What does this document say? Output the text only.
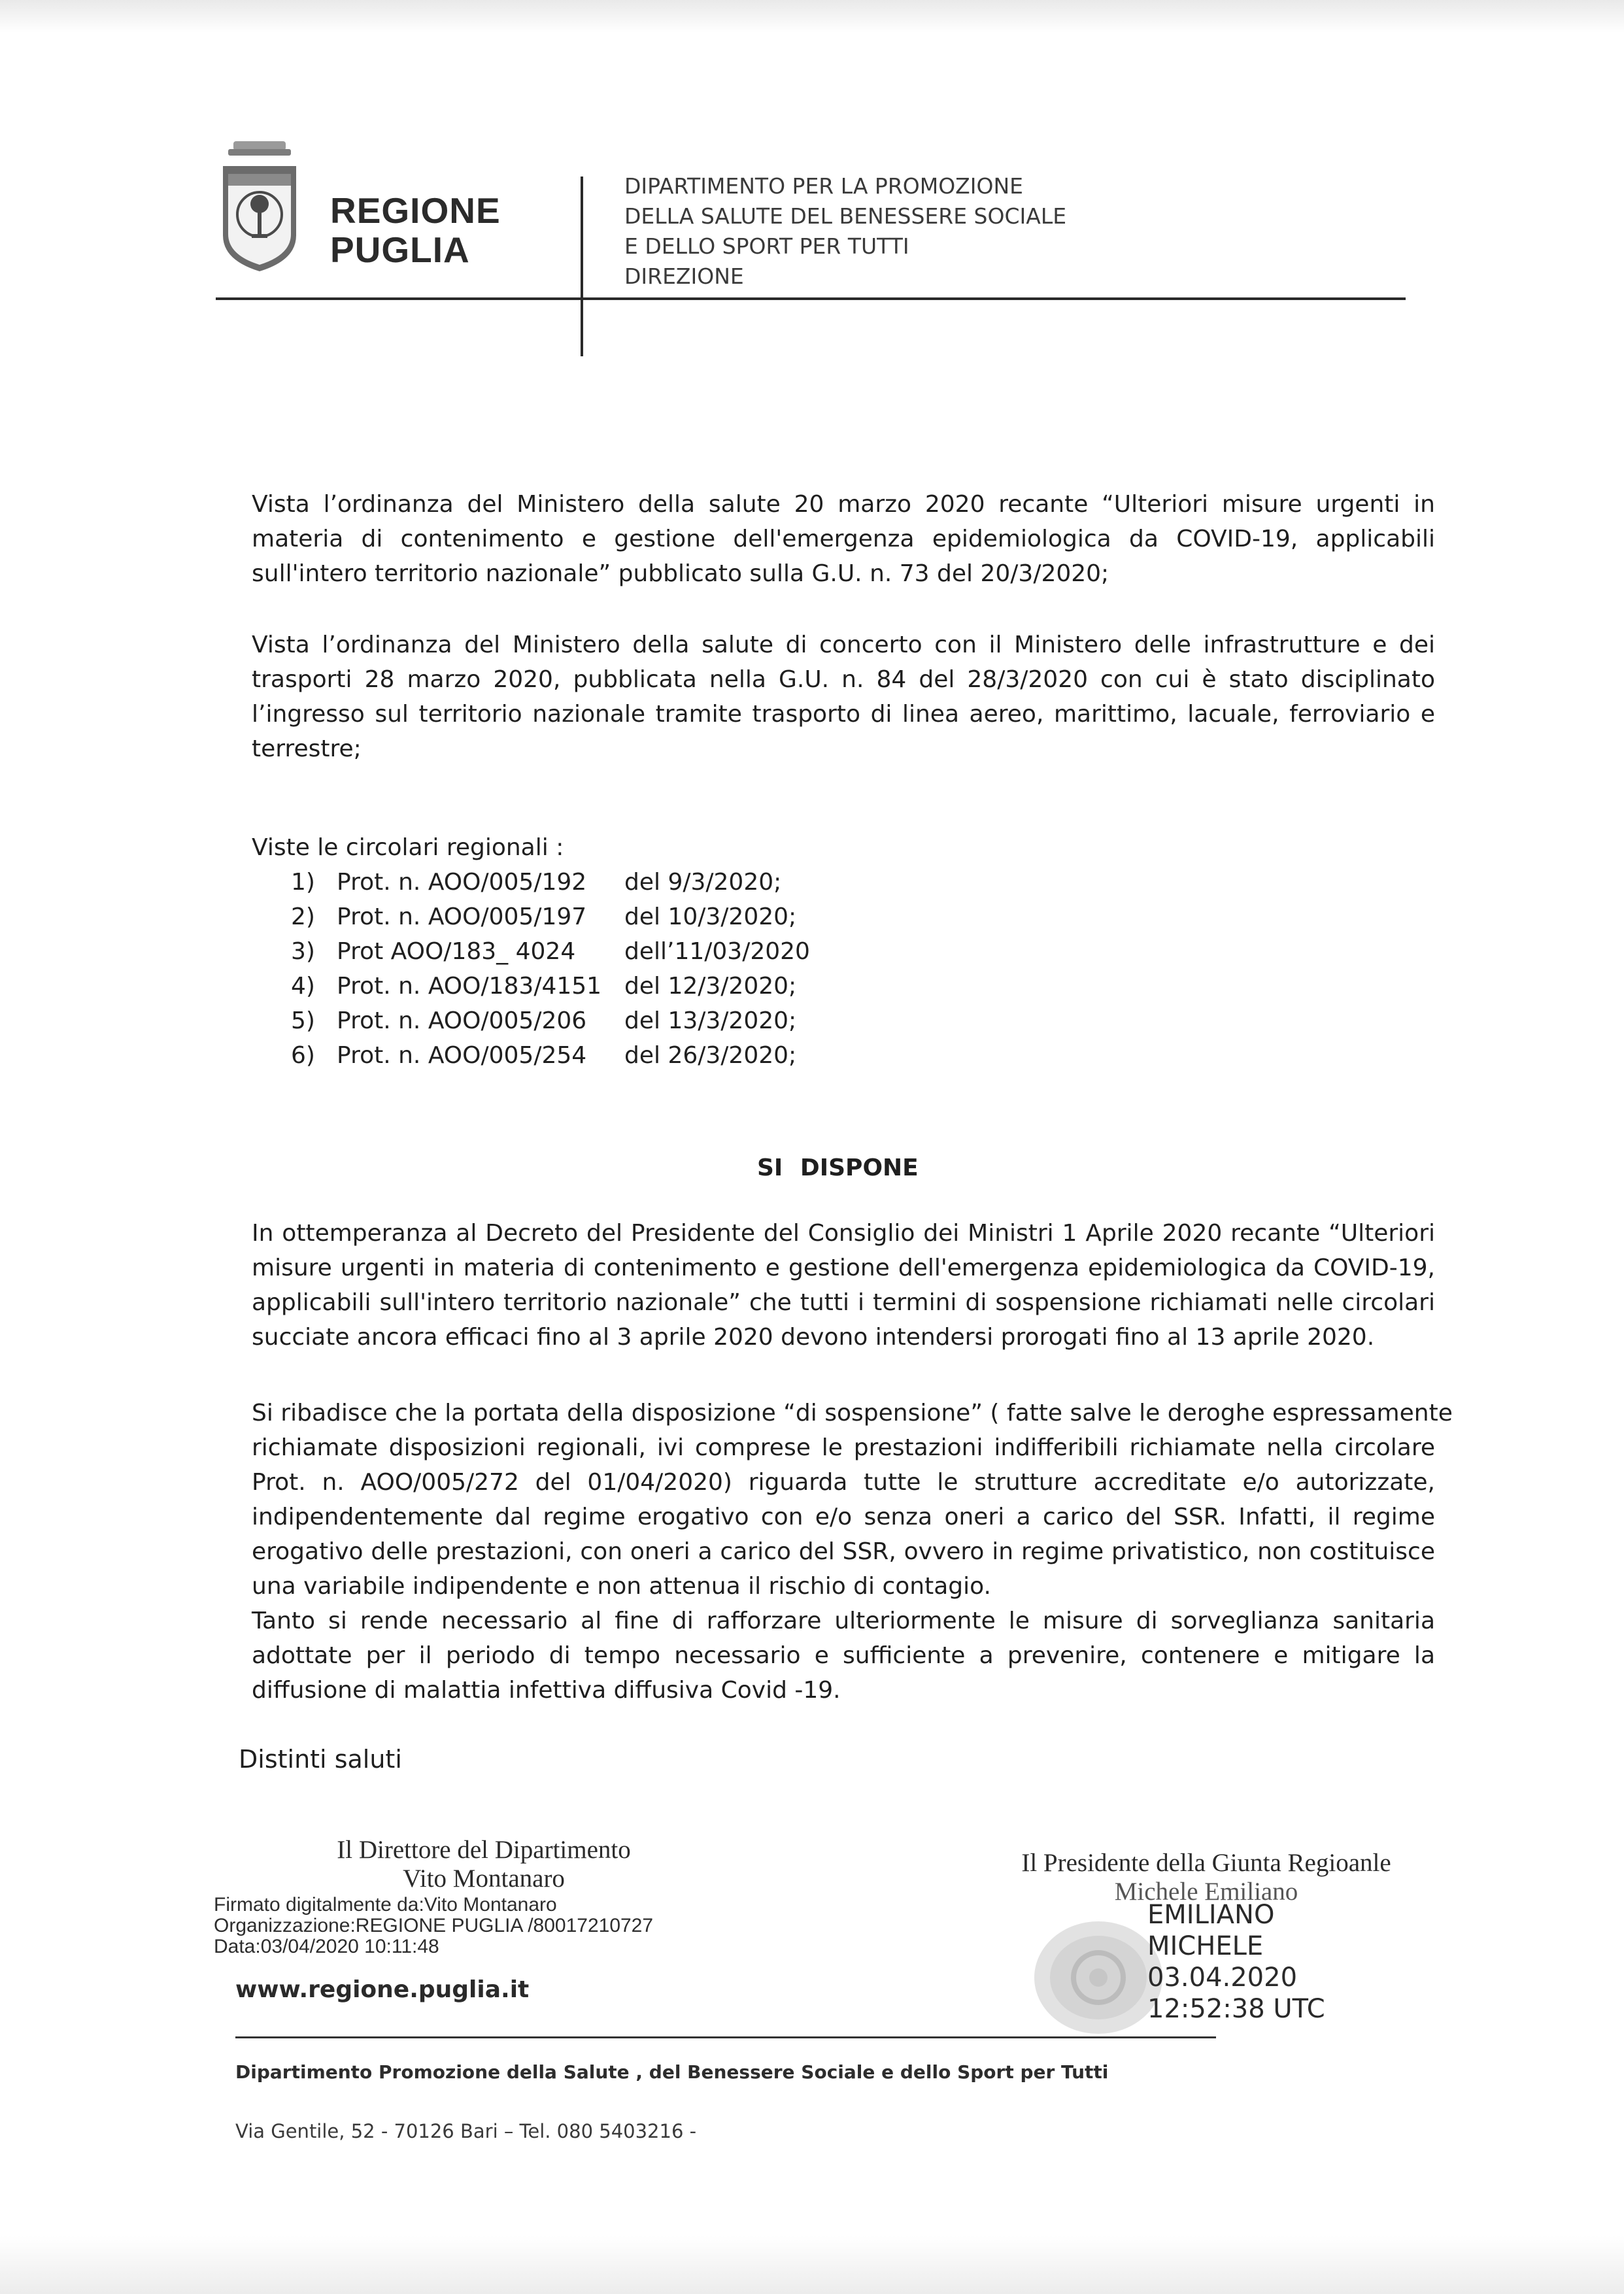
REGIONE
PUGLIA
DIPARTIMENTO PER LA PROMOZIONE
DELLA SALUTE DEL BENESSERE SOCIALE
E DELLO SPORT PER TUTTI
DIREZIONE
Vista l’ordinanza del Ministero della salute 20 marzo 2020 recante “Ulteriori misure urgenti in
materia di contenimento e gestione dell'emergenza epidemiologica da COVID-19, applicabili
sull'intero territorio nazionale” pubblicato sulla G.U. n. 73 del 20/3/2020;
Vista l’ordinanza del Ministero della salute di concerto con il Ministero delle infrastrutture e dei
trasporti 28 marzo 2020, pubblicata nella G.U. n. 84 del 28/3/2020 con cui è stato disciplinato
l’ingresso sul territorio nazionale tramite trasporto di linea aereo, marittimo, lacuale, ferroviario e
terrestre;
Viste le circolari regionali :
1) Prot. n. AOO/005/192 del 9/3/2020;
2) Prot. n. AOO/005/197 del 10/3/2020;
3) Prot AOO/183_ 4024 dell’11/03/2020
4) Prot. n. AOO/183/4151 del 12/3/2020;
5) Prot. n. AOO/005/206 del 13/3/2020;
6) Prot. n. AOO/005/254 del 26/3/2020;
SI DISPONE
In ottemperanza al Decreto del Presidente del Consiglio dei Ministri 1 Aprile 2020 recante “Ulteriori
misure urgenti in materia di contenimento e gestione dell'emergenza epidemiologica da COVID-19,
applicabili sull'intero territorio nazionale” che tutti i termini di sospensione richiamati nelle circolari
succiate ancora efficaci fino al 3 aprile 2020 devono intendersi prorogati fino al 13 aprile 2020.
Si ribadisce che la portata della disposizione “di sospensione” ( fatte salve le deroghe espressamente
richiamate disposizioni regionali, ivi comprese le prestazioni indifferibili richiamate nella circolare
Prot. n. AOO/005/272 del 01/04/2020) riguarda tutte le strutture accreditate e/o autorizzate,
indipendentemente dal regime erogativo con e/o senza oneri a carico del SSR. Infatti, il regime
erogativo delle prestazioni, con oneri a carico del SSR, ovvero in regime privatistico, non costituisce
una variabile indipendente e non attenua il rischio di contagio.
Tanto si rende necessario al fine di rafforzare ulteriormente le misure di sorveglianza sanitaria
adottate per il periodo di tempo necessario e sufficiente a prevenire, contenere e mitigare la
diffusione di malattia infettiva diffusiva Covid -19.
Distinti saluti
Il Direttore del Dipartimento
Vito Montanaro
Firmato digitalmente da:Vito Montanaro
Organizzazione:REGIONE PUGLIA /80017210727
Data:03/04/2020 10:11:48
www.regione.puglia.it
Il Presidente della Giunta Regioanle
Michele Emiliano
EMILIANO
MICHELE
03.04.2020
12:52:38 UTC
Dipartimento Promozione della Salute , del Benessere Sociale e dello Sport per Tutti
Via Gentile, 52 - 70126 Bari – Tel. 080 5403216 -
